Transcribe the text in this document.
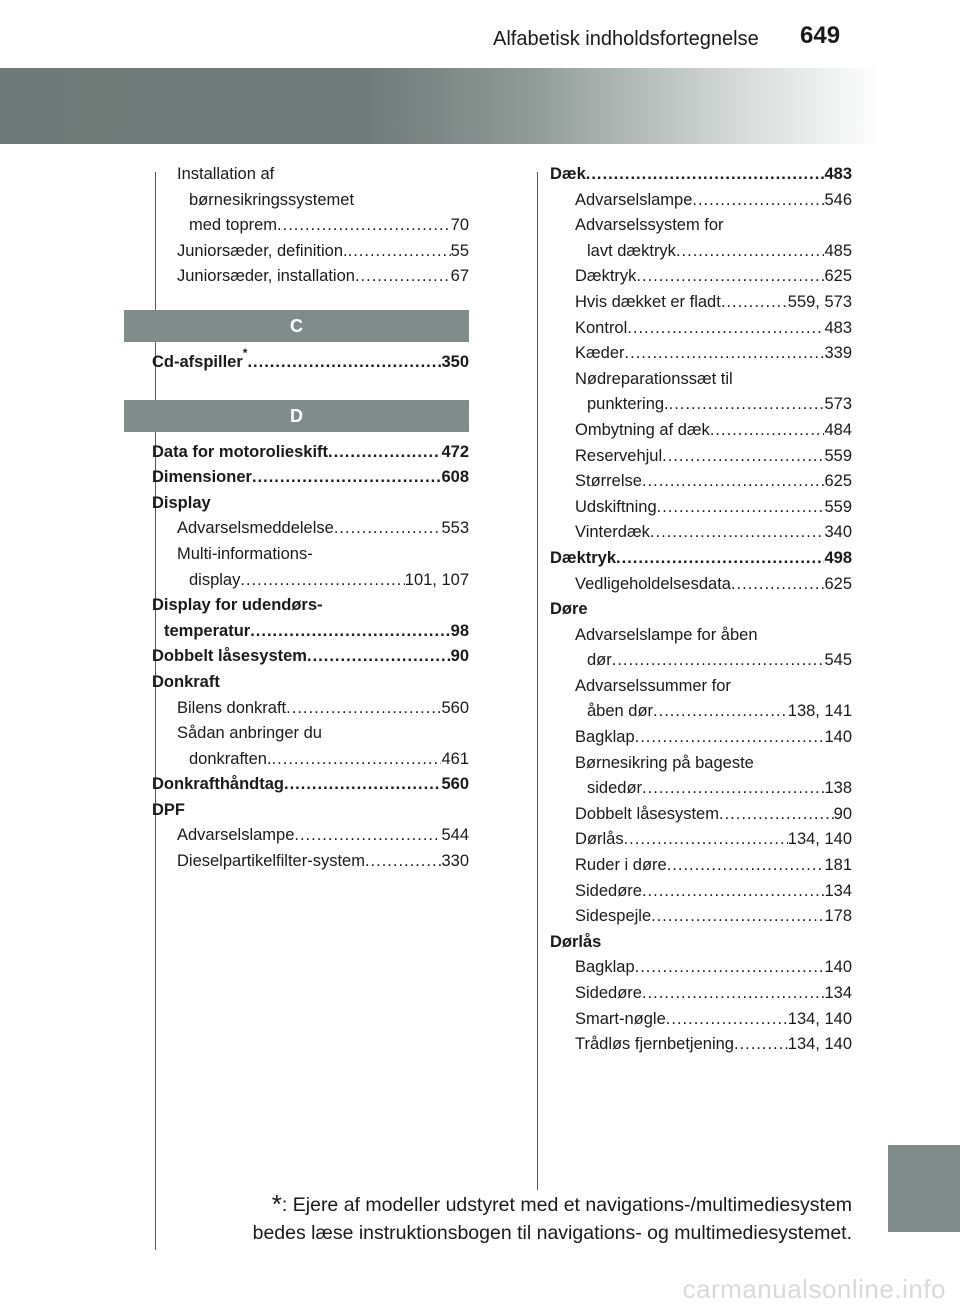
Alfabetisk indholdsfortegnelse 649
Installation af
børnesikringssystemet
med toprem .....	70
Juniorsæder, definition. .....	55
Juniorsæder, installation .....	67
C
Cd-afspiller* .....	350
D
Data for motorolieskift .....	472
Dimensioner .....	608
Display
Advarselsmeddelelse .....	553
Multi-informations-
display .....	101, 107
Display for udendørs-
temperatur .....	98
Dobbelt låsesystem .....	90
Donkraft
Bilens donkraft .....	560
Sådan anbringer du
donkraften. .....	461
Donkrafthåndtag .....	560
DPF
Advarselslampe .....	544
Dieselpartikelfilter-system .....	330
Dæk .....	483
Advarselslampe .....	546
Advarselssystem for
lavt dæktryk .....	485
Dæktryk .....	625
Hvis dækket er fladt .....	559, 573
Kontrol .....	483
Kæder .....	339
Nødreparationssæt til
punktering. .....	573
Ombytning af dæk .....	484
Reservehjul .....	559
Størrelse .....	625
Udskiftning .....	559
Vinterdæk .....	340
Dæktryk .....	498
Vedligeholdelsesdata .....	625
Døre
Advarselslampe for åben
dør .....	545
Advarselssummer for
åben dør .....	138, 141
Bagklap .....	140
Børnesikring på bageste
sidedør .....	138
Dobbelt låsesystem .....	90
Dørlås .....	134, 140
Ruder i døre .....	181
Sidedøre .....	134
Sidespejle .....	178
Dørlås
Bagklap .....	140
Sidedøre .....	134
Smart-nøgle .....	134, 140
Trådløs fjernbetjening .....	134, 140
*: Ejere af modeller udstyret med et navigations-/multimediesystem
bedes læse instruktionsbogen til navigations- og multimediesystemet.
carmanualsonline.info
